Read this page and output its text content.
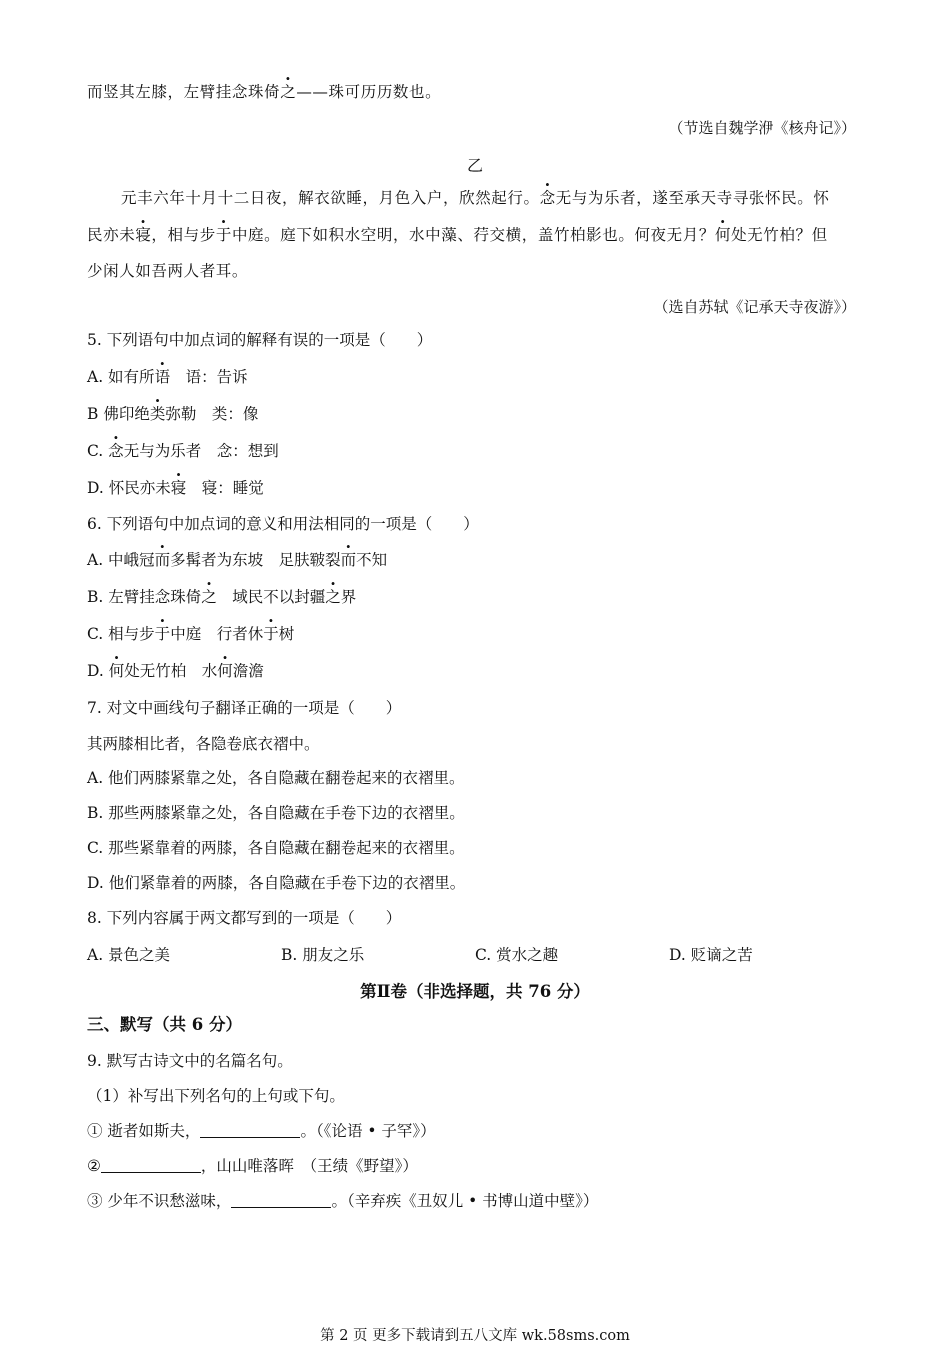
而竖其左膝，左臂挂念珠倚之——珠可历历数也。
（节选自魏学洢《核舟记》）
乙
元丰六年十月十二日夜，解衣欲睡，月色入户，欣然起行。念无与为乐者，遂至承天寺寻张怀民。怀
民亦未寝，相与步于中庭。庭下如积水空明，水中藻、荇交横，盖竹柏影也。何夜无月？何处无竹柏？但
少闲人如吾两人者耳。
（选自苏轼《记承天寺夜游》）
5. 下列语句中加点词的解释有误的一项是（　　）
A. 如有所语　语：告诉
B 佛印绝类弥勒　类：像
C. 念无与为乐者　念：想到
D. 怀民亦未寝　寝：睡觉
6. 下列语句中加点词的意义和用法相同的一项是（　　）
A. 中峨冠而多髯者为东坡　足肤皲裂而不知
B. 左臂挂念珠倚之　域民不以封疆之界
C. 相与步于中庭　行者休于树
D. 何处无竹柏　水何澹澹
7. 对文中画线句子翻译正确的一项是（　　）
其两膝相比者，各隐卷底衣褶中。
A. 他们两膝紧靠之处，各自隐藏在翻卷起来的衣褶里。
B. 那些两膝紧靠之处，各自隐藏在手卷下边的衣褶里。
C. 那些紧靠着的两膝，各自隐藏在翻卷起来的衣褶里。
D. 他们紧靠着的两膝，各自隐藏在手卷下边的衣褶里。
8. 下列内容属于两文都写到的一项是（　　）
A. 景色之美	B. 朋友之乐	C. 赏水之趣	D. 贬谪之苦
第Ⅱ卷（非选择题，共 76 分）
三、默写（共 6 分）
9. 默写古诗文中的名篇名句。
（1）补写出下列名句的上句或下句。
① 逝者如斯夫，	。（《论语 • 子罕》）
②	，山山唯落晖　（王绩《野望》）
③ 少年不识愁滋味，	。（辛弃疾《丑奴儿 • 书博山道中壁》）
第 2 页 更多下载请到五八文库 wk.58sms.com
